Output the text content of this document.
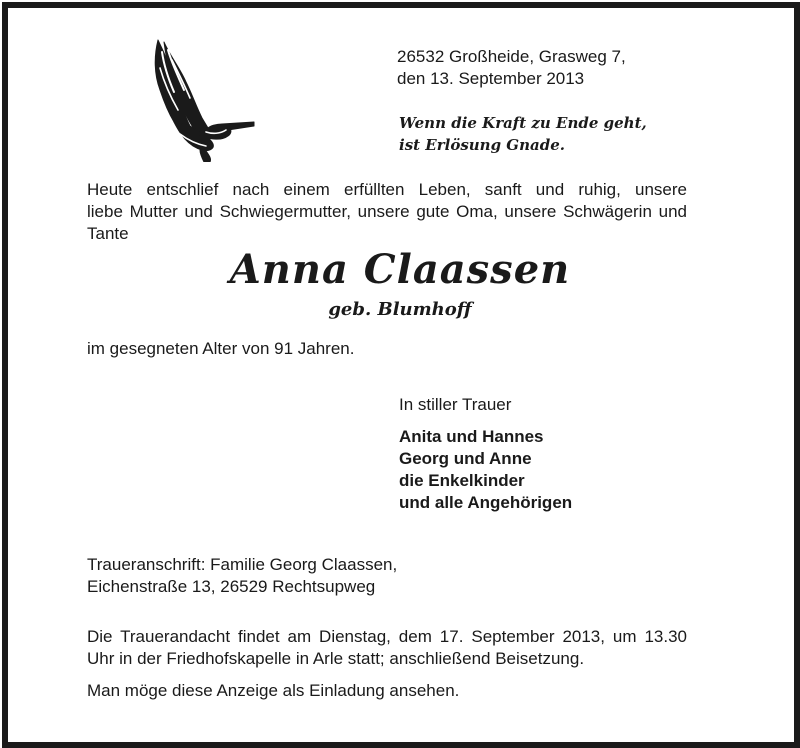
26532 Großheide, Grasweg 7,
den 13. September 2013
Wenn die Kraft zu Ende geht,
ist Erlösung Gnade.
Heute entschlief nach einem erfüllten Leben, sanft und ruhig, unsere
liebe Mutter und Schwiegermutter, unsere gute Oma, unsere Schwägerin und
Tante
Anna Claassen
geb. Blumhoff
im gesegneten Alter von 91 Jahren.
In stiller Trauer
Anita und Hannes
Georg und Anne
die Enkelkinder
und alle Angehörigen
Traueranschrift: Familie Georg Claassen,
Eichenstraße 13, 26529 Rechtsupweg
Die Trauerandacht findet am Dienstag, dem 17. September 2013, um 13.30
Uhr in der Friedhofskapelle in Arle statt; anschließend Beisetzung.
Man möge diese Anzeige als Einladung ansehen.
